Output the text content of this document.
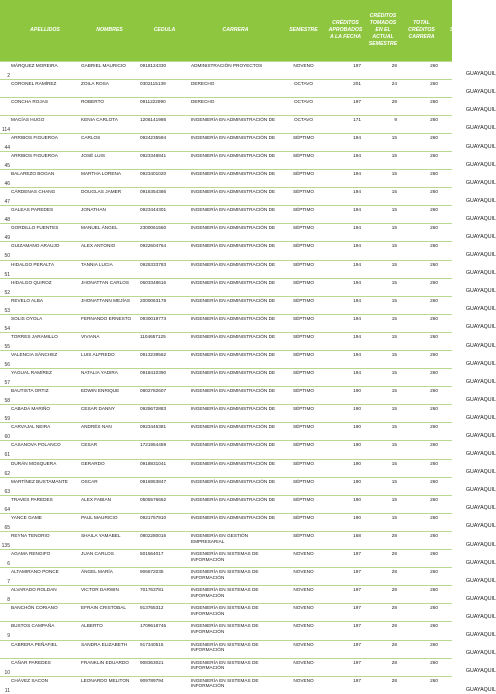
	APELLIDOS	NOMBRES	CEDULA	CARRERA	SEMESTRE	CRÉDITOS APROBADOS A LA FECHA	CRÉDITOS TOMADOS EN EL ACTUAL SEMESTRE	TOTAL CRÉDITOS CARRERA	SEDE
2	MÁRQUEZ MOREIRA	GABRIEL MAURICIO	0918124330	ADMINISTRACIÓN PROYECTOS	NOVENO	197	28	260	GUAYAQUIL

	CORONEL RAMÍREZ	ZOILA ROSA	0302115139	DERECHO	OCTAVO	201	24	260	GUAYAQUIL

	CONCHA ROJAS	ROBERTO	0911222990	DERECHO	OCTAVO	197	28	260	GUAYAQUIL

114	MACÍAS HUGO	KENIA CARLOTA	1206141986	INGENIERÍA EN ADMINISTRACIÓN DE	OCTAVO	171	9	260	GUAYAQUIL

44	ARRIBOS FIGUEROA	CARLOS	0924235594	INGENIERÍA EN ADMINISTRACIÓN DE	SÉPTIMO	194	15	260	GUAYAQUIL

45	ARRIBOS FIGUEROA	JOSÉ LUIS	0923348841	INGENIERÍA EN ADMINISTRACIÓN DE	SÉPTIMO	194	15	260	GUAYAQUIL

46	BALAREZO BOGAN	MARTHA LORENA	0923401020	INGENIERÍA EN ADMINISTRACIÓN DE	SÉPTIMO	194	15	260	GUAYAQUIL

47	CÁRDENAS CHANG	DOUGLAS JAMER	0916354386	INGENIERÍA EN ADMINISTRACIÓN DE	SÉPTIMO	194	15	260	GUAYAQUIL

48	GALEAS PAREDES	JONATHAN	0923444301	INGENIERÍA EN ADMINISTRACIÓN DE	SÉPTIMO	194	15	260	GUAYAQUIL

49	GORDILLO FUENTES	MANUEL ÁNGEL	2300061560	INGENIERÍA EN ADMINISTRACIÓN DE	SÉPTIMO	194	15	260	GUAYAQUIL

50	GUIZAMANO ARAUJO	ALEX ANTONIO	0922604764	INGENIERÍA EN ADMINISTRACIÓN DE	SÉPTIMO	194	15	260	GUAYAQUIL

51	HIDALGO PERALTA	TANNIA LUCIA	0925333783	INGENIERÍA EN ADMINISTRACIÓN DE	SÉPTIMO	194	15	260	GUAYAQUIL

52	HIDALGO QUIROZ	JHONATTAN CARLOS	0603348616	INGENIERÍA EN ADMINISTRACIÓN DE	SÉPTIMO	194	15	260	GUAYAQUIL

53	REVELO ALBA	JHONATTANN MEJÍAS	2000063178	INGENIERÍA EN ADMINISTRACIÓN DE	SÉPTIMO	194	15	260	GUAYAQUIL

54	SOLIS OYOLA	FERNANDO ERNESTO	0930019773	INGENIERÍA EN ADMINISTRACIÓN DE	SÉPTIMO	194	15	260	GUAYAQUIL

55	TORRES JARAMILLO	VIVIANA	1104657125	INGENIERÍA EN ADMINISTRACIÓN DE	SÉPTIMO	194	15	260	GUAYAQUIL

56	VALENCIA SÁNCHEZ	LUIS ALFREDO	0913239562	INGENIERÍA EN ADMINISTRACIÓN DE	SÉPTIMO	194	15	260	GUAYAQUIL

57	YAGUAL RAMÍREZ	NATALIA YADIRA	0918410390	INGENIERÍA EN ADMINISTRACIÓN DE	SÉPTIMO	194	15	260	GUAYAQUIL

58	BAUTISTA ORTIZ	EDWIN ENRIQUE	0802782607	INGENIERÍA EN ADMINISTRACIÓN DE	SÉPTIMO	190	15	260	GUAYAQUIL

59	CABADA MARIÑO	CESAR DANNY	0925672883	INGENIERÍA EN ADMINISTRACIÓN DE	SÉPTIMO	190	15	260	GUAYAQUIL

60	CARVAJAL NEIRA	ANDRÉS NAN	0923445381	INGENIERÍA EN ADMINISTRACIÓN DE	SÉPTIMO	190	15	260	GUAYAQUIL

61	CASANOVA POLANCO	CESAR	1721954459	INGENIERÍA EN ADMINISTRACIÓN DE	SÉPTIMO	190	15	260	GUAYAQUIL

62	DURÁN MOSQUERA	GERARDO	0918831041	INGENIERÍA EN ADMINISTRACIÓN DE	SÉPTIMO	190	15	260	GUAYAQUIL

63	MARTÍNEZ BUSTAMANTE	OSCAR	0916953847	INGENIERÍA EN ADMINISTRACIÓN DE	SÉPTIMO	190	15	260	GUAYAQUIL

64	TRAVES PAREDES	ALEX FABIAN	0505576662	INGENIERÍA EN ADMINISTRACIÓN DE	SÉPTIMO	190	15	260	GUAYAQUIL

65	YANCE GAME	PAUL MAURICIO	0921757910	INGENIERÍA EN ADMINISTRACIÓN DE	SÉPTIMO	190	15	260	GUAYAQUIL

135	REYNA TENORIO	SHAILA YAMABEL	0802280016	INGENIERÍA EN GESTIÓN EMPRESARIAL	SÉPTIMO	168	28	260	GUAYAQUIL

6	AGAMA RENGIFO	JUAN CARLOS	501564017	INGENIERÍA EN SISTEMAS DE INFORMACIÓN	NOVENO	197	28	260	GUAYAQUIL

7	ALTAMIRANO PONCE	ÁNGEL MARÍA	906672035	INGENIERÍA EN SISTEMAS DE INFORMACIÓN	NOVENO	197	28	260	GUAYAQUIL

8	ALVARADO ROLDAN	VICTOR DARWIN	701763781	INGENIERÍA EN SISTEMAS DE INFORMACIÓN	NOVENO	197	28	260	GUAYAQUIL

	BANCHÓN CORIANO	EFRAIN CRISTOBAL	913765312	INGENIERÍA EN SISTEMAS DE INFORMACIÓN	NOVENO	197	28	260	GUAYAQUIL

9	BUSTOS CAMPAÑA	ALBERTO	1709618746	INGENIERÍA EN SISTEMAS DE INFORMACIÓN	NOVENO	197	28	260	GUAYAQUIL

	CABRERA PEÑAFIEL	SANDRA ELIZABETH	917340515	INGENIERÍA EN SISTEMAS DE INFORMACIÓN	NOVENO	197	28	260	GUAYAQUIL

10	CAÑAR PAREDES	FRANKLIN EDUARDO	908363021	INGENIERÍA EN SISTEMAS DE INFORMACIÓN	NOVENO	197	28	260	GUAYAQUIL

11	CHÁVEZ SACON	LEONARDO MELITON	909789794	INGENIERÍA EN SISTEMAS DE INFORMACIÓN	NOVENO	197	28	260	GUAYAQUIL
